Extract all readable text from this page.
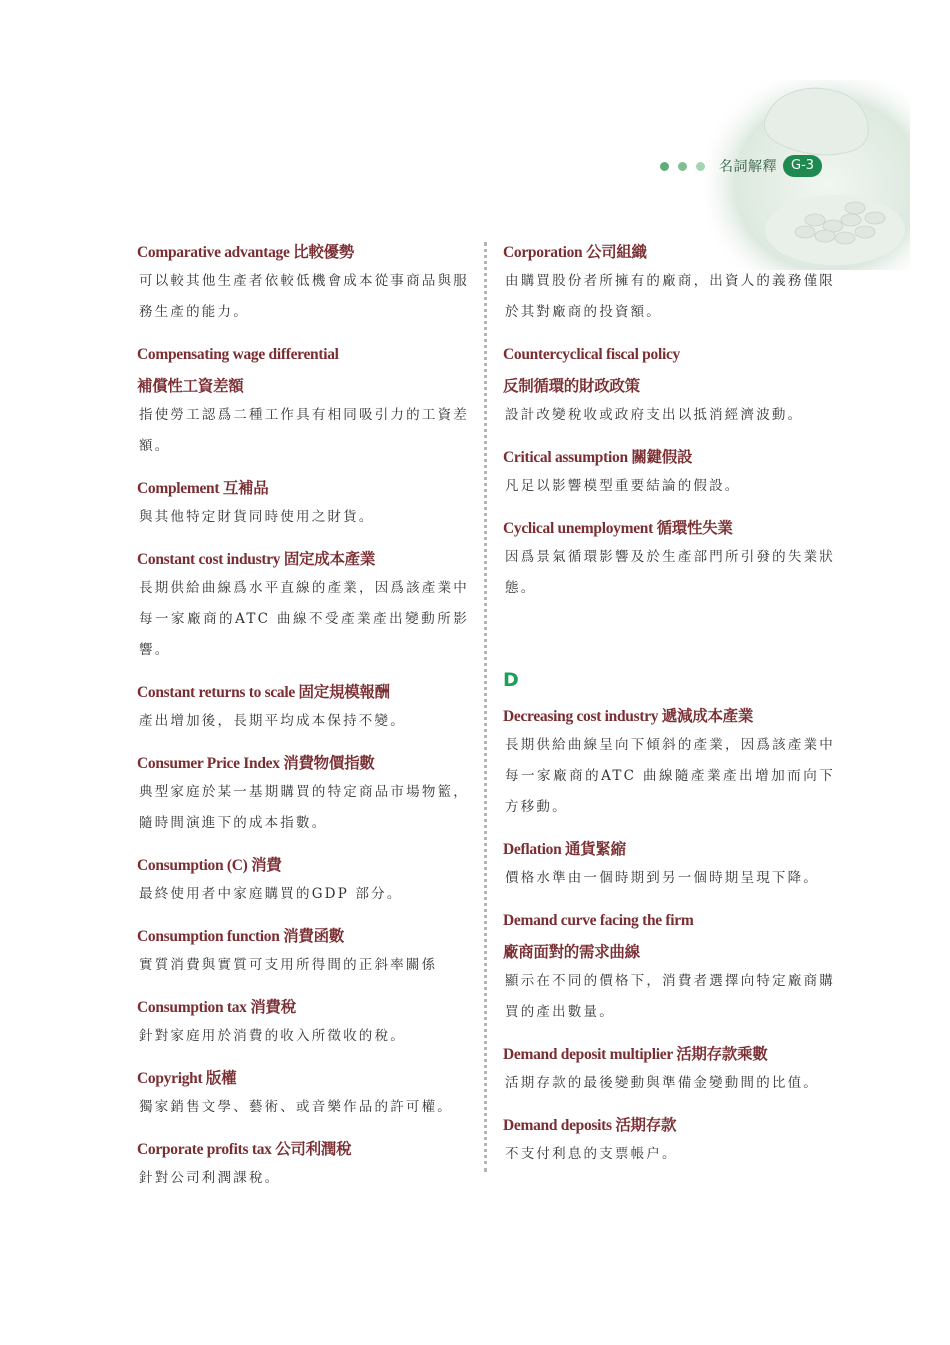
名詞解釋	G-3
Comparative advantage 比較優勢
可以較其他生產者依較低機會成本從事商品與服務生產的能力。
Compensating wage differential
補償性工資差額
指使勞工認爲二種工作具有相同吸引力的工資差額。
Complement 互補品
與其他特定財貨同時使用之財貨。
Constant cost industry 固定成本產業
長期供給曲線爲水平直線的產業，因爲該產業中每一家廠商的ATC 曲線不受產業產出變動所影響。
Constant returns to scale 固定規模報酬
產出增加後，長期平均成本保持不變。
Consumer Price Index 消費物價指數
典型家庭於某一基期購買的特定商品市場物籃，隨時間演進下的成本指數。
Consumption (C) 消費
最終使用者中家庭購買的GDP 部分。
Consumption function 消費函數
實質消費與實質可支用所得間的正斜率關係
Consumption tax 消費稅
針對家庭用於消費的收入所徵收的稅。
Copyright 版權
獨家銷售文學、藝術、或音樂作品的許可權。
Corporate profits tax 公司利潤稅
針對公司利潤課稅。
Corporation 公司組織
由購買股份者所擁有的廠商，出資人的義務僅限於其對廠商的投資額。
Countercyclical fiscal policy
反制循環的財政政策
設計改變稅收或政府支出以抵消經濟波動。
Critical assumption 關鍵假設
凡足以影響模型重要結論的假設。
Cyclical unemployment 循環性失業
因爲景氣循環影響及於生產部門所引發的失業狀態。
D
Decreasing cost industry 遞減成本產業
長期供給曲線呈向下傾斜的產業，因爲該產業中每一家廠商的ATC 曲線隨產業產出增加而向下方移動。
Deflation 通貨緊縮
價格水準由一個時期到另一個時期呈現下降。
Demand curve facing the firm
廠商面對的需求曲線
顯示在不同的價格下，消費者選擇向特定廠商購買的產出數量。
Demand deposit multiplier 活期存款乘數
活期存款的最後變動與準備金變動間的比值。
Demand deposits 活期存款
不支付利息的支票帳户。
